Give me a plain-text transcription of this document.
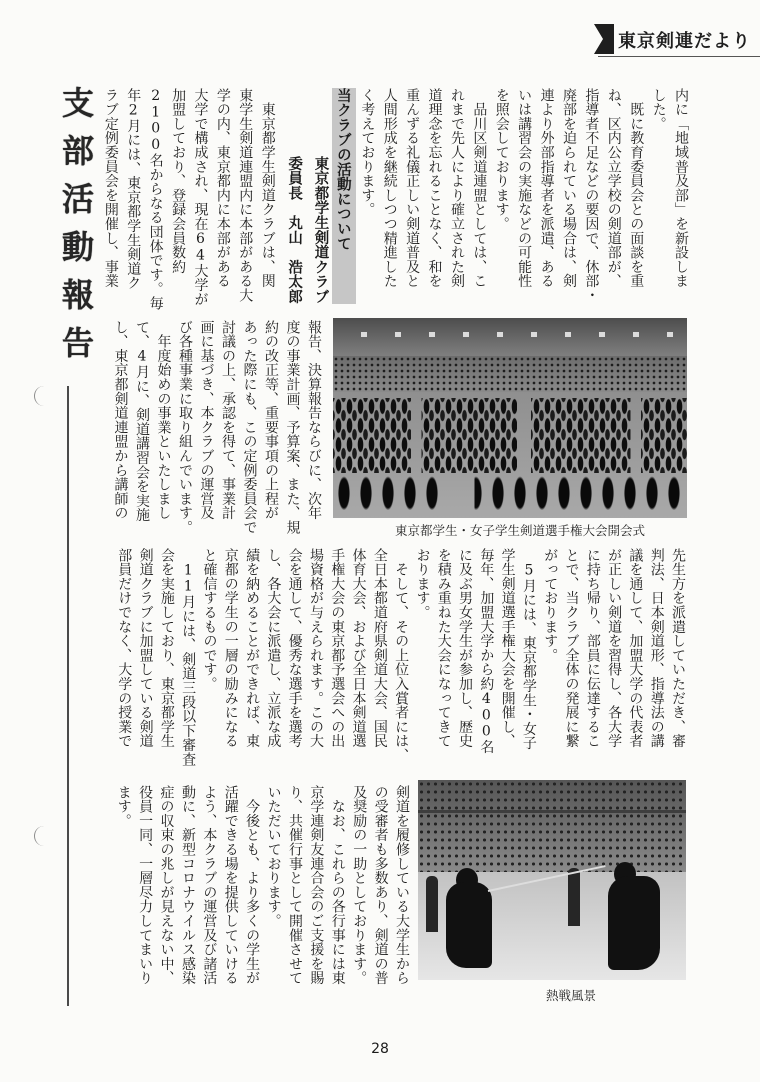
東京剣連だより
支部活動報告	内に「地域普及部」を新設しま
した。
　既に教育委員会との面談を重
ね、区内公立学校の剣道部が、
指導者不足などの要因で、休部・
廃部を迫られている場合は、剣
連より外部指導者を派遣、ある
いは講習会の実施などの可能性
を照会しております。
　品川区剣道連盟としては、こ
れまで先人により確立された剣
道理念を忘れることなく、和を
重んずる礼儀正しい剣道普及と
人間形成を継続しつつ精進した
く考えております。
当クラブの活動について
東京都学生剣道クラブ
委員長　丸山　浩太郎
　東京都学生剣道クラブは、関
東学生剣道連盟内に本部がある大
学の内、東京都内に本部がある
大学で構成され、現在64大学が
加盟しており、登録会員数約
2100名からなる団体です。毎
年2月には、東京都学生剣道ク
ラブ定例委員会を開催し、事業
東京都学生・女子学生剣道選手権大会開会式
報告、決算報告ならびに、次年
度の事業計画、予算案、また、規
約の改正等、重要事項の上程が
あった際にも、この定例委員会で
討議の上、承認を得て、事業計
画に基づき、本クラブの運営及
び各種事業に取り組んでいます。
　年度始めの事業といたしまし
て、4月に、剣道講習会を実施
し、東京都剣道連盟から講師の
先生方を派遣していただき、審
判法、日本剣道形、指導法の講
議を通して、加盟大学の代表者
が正しい剣道を習得し、各大学
に持ち帰り、部員に伝達するこ
とで、当クラブ全体の発展に繋
がっております。
　5月には、東京都学生・女子
学生剣道選手権大会を開催し、
毎年、加盟大学から約400名
に及ぶ男女学生が参加し、歴史
を積み重ねた大会になってきて
おります。
　そして、その上位入賞者には、
全日本都道府県剣道大会、国民
体育大会、および全日本剣道選
手権大会の東京都予選会への出
場資格が与えられます。この大
会を通して、優秀な選手を選考
し、各大会に派遣し、立派な成
績を納めることができれば、東
京都の学生の一層の励みになる
と確信するものです。
　11月には、剣道三段以下審査
会を実施しており、東京都学生
剣道クラブに加盟している剣道
部員だけでなく、大学の授業で
熱戦風景
剣道を履修している大学生から
の受審者も多数あり、剣道の普
及奨励の一助としております。
　なお、これらの各行事には東
京学連剣友連合会のご支援を賜
り、共催行事として開催させて
いただいております。
　今後とも、より多くの学生が
活躍できる場を提供していける
よう、本クラブの運営及び諸活
動に、新型コロナウイルス感染
症の収束の兆しが見えない中、
役員一同、一層尽力してまいり
ます。
28
